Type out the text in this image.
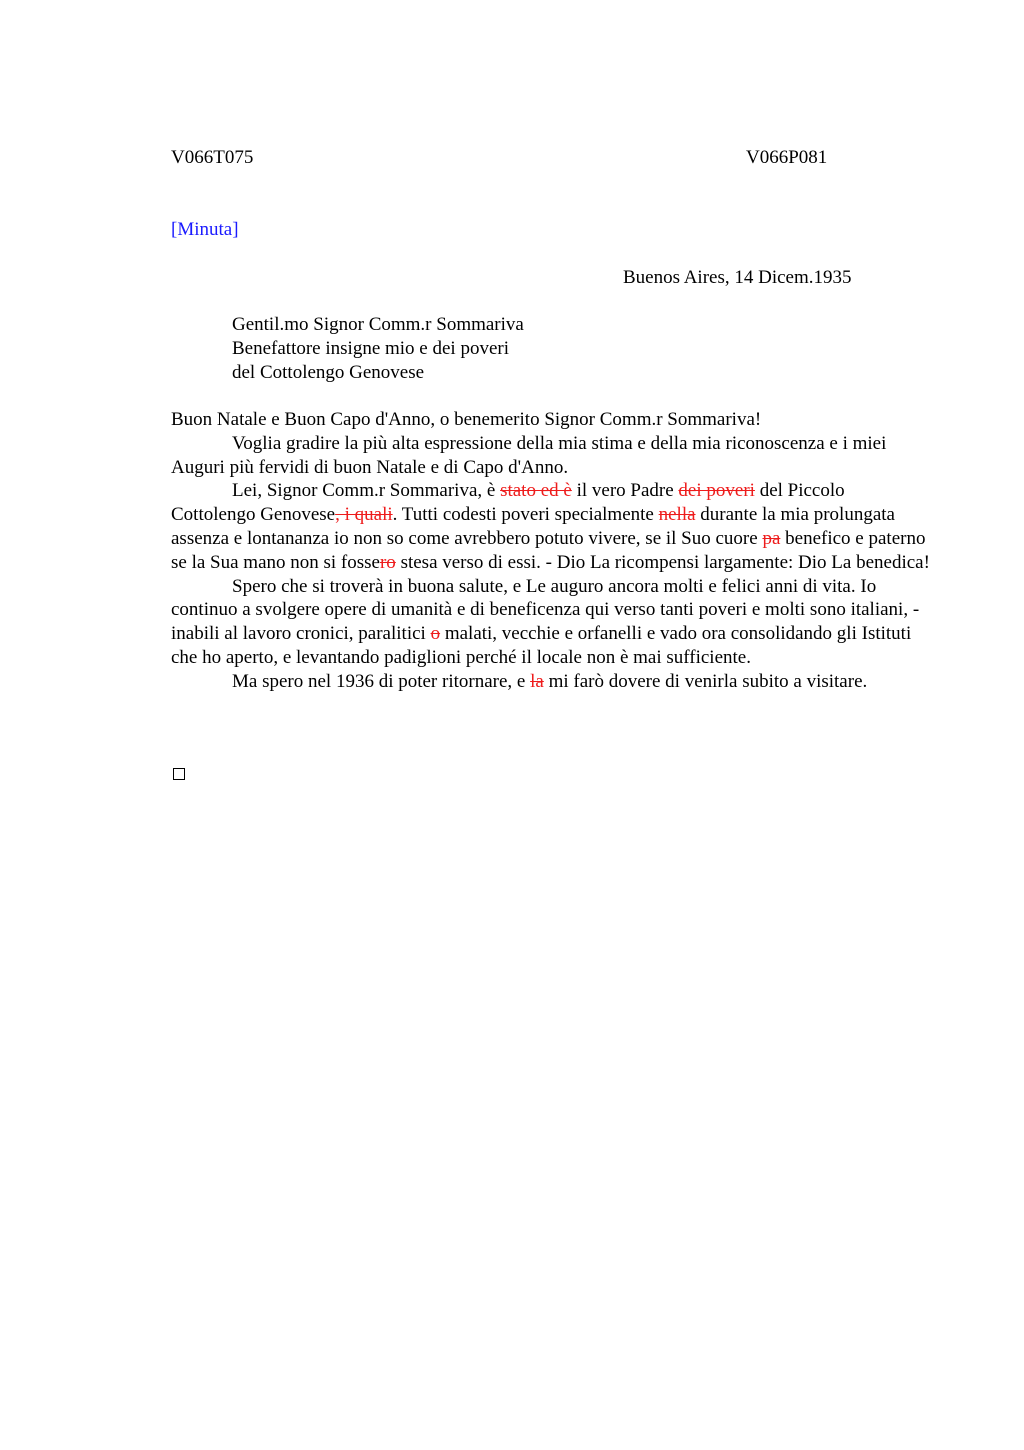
V066T075	V066P081
[Minuta]
Buenos Aires, 14 Dicem.1935
Gentil.mo Signor Comm.r Sommariva
Benefattore insigne mio e dei poveri
del Cottolengo Genovese

Buon Natale e Buon Capo d'Anno, o benemerito Signor Comm.r Sommariva!

Voglia gradire la più alta espressione della mia stima e della mia riconoscenza e i miei Auguri più fervidi di buon Natale e di Capo d'Anno.

Lei, Signor Comm.r Sommariva, è stato ed è il vero Padre dei poveri del Piccolo Cottolengo Genovese, i quali. Tutti codesti poveri specialmente nella durante la mia prolungata assenza e lontananza io non so come avrebbero potuto vivere, se il Suo cuore pa benefico e paterno se la Sua mano non si fossero stesa verso di essi. - Dio La ricompensi largamente: Dio La benedica!

Spero che si troverà in buona salute, e Le auguro ancora molti e felici anni di vita. Io continuo a svolgere opere di umanità e di beneficenza qui verso tanti poveri e molti sono italiani, - inabili al lavoro cronici, paralitici o malati, vecchie e orfanelli e vado ora consolidando gli Istituti che ho aperto, e levantando padiglioni perché il locale non è mai sufficiente.

Ma spero nel 1936 di poter ritornare, e la mi farò dovere di venirla subito a visitare.
